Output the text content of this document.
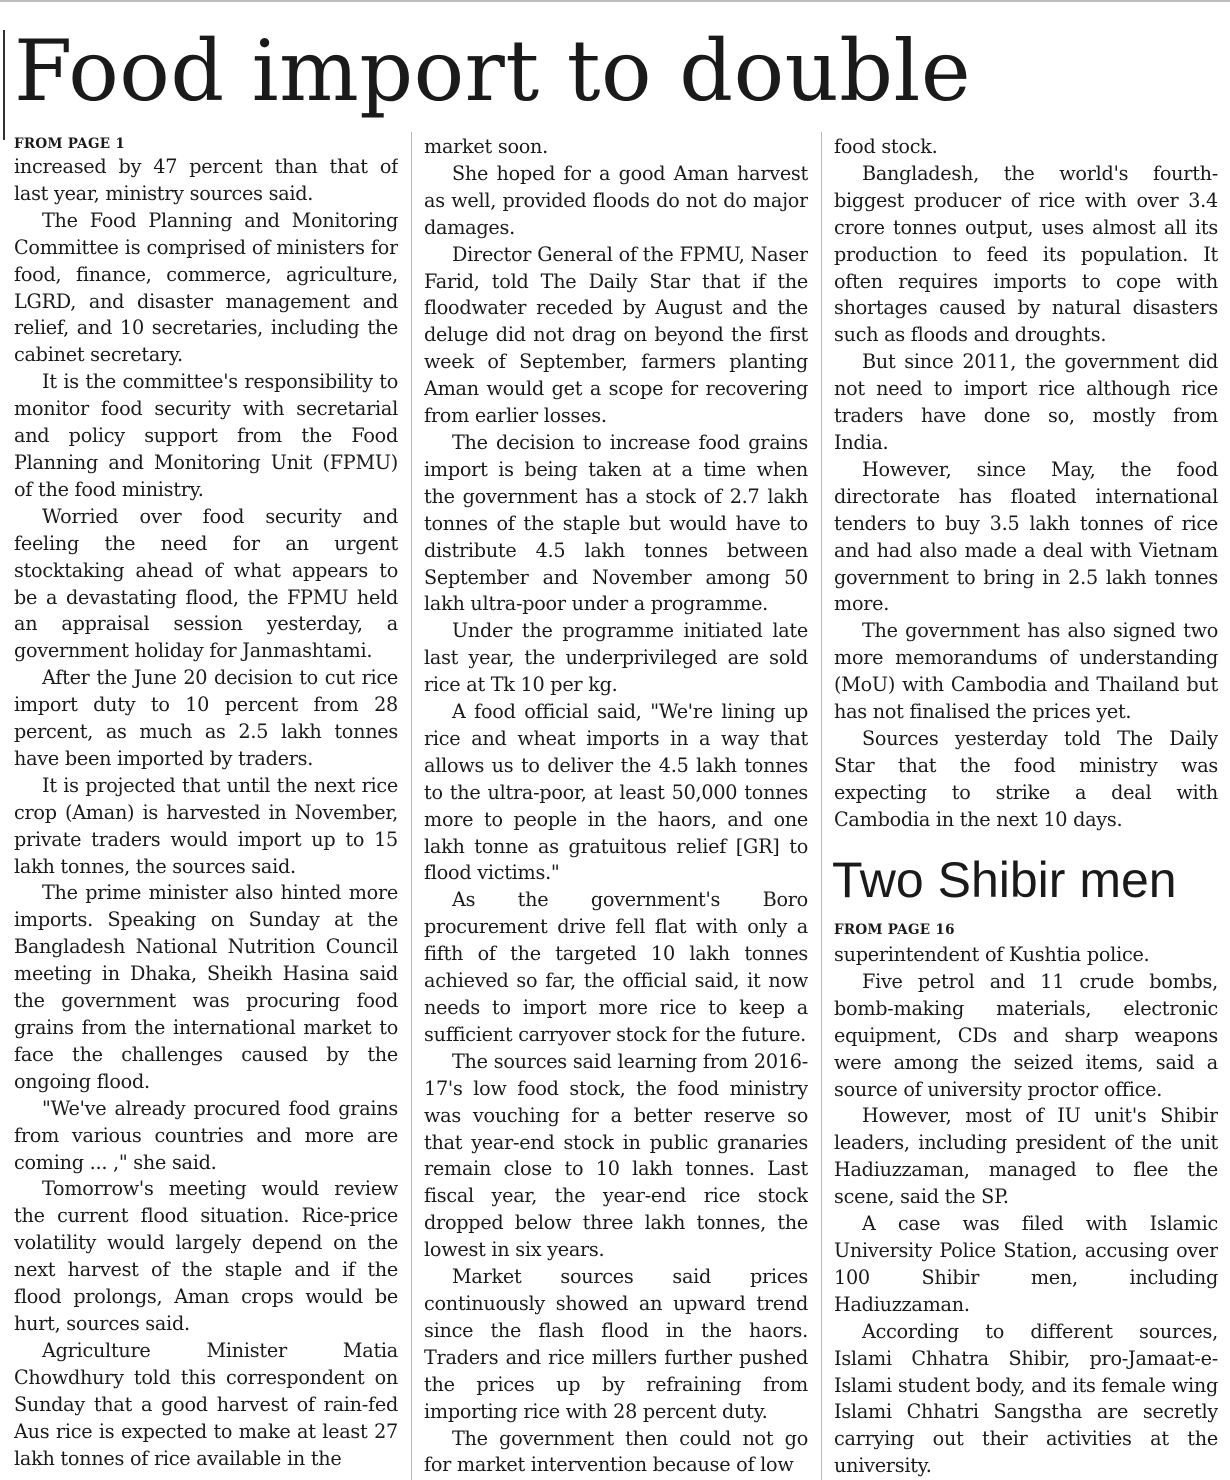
Food import to double

FROM PAGE 1

increased by 47 percent than that of last year, ministry sources said.

The Food Planning and Monitoring Committee is comprised of ministers for food, finance, commerce, agriculture, LGRD, and disaster management and relief, and 10 secretaries, including the cabinet secretary.

It is the committee's responsibility to monitor food security with secretarial and policy support from the Food Planning and Monitoring Unit (FPMU) of the food ministry.

Worried over food security and feeling the need for an urgent stocktaking ahead of what appears to be a devastating flood, the FPMU held an appraisal session yesterday, a government holiday for Janmashtami.

After the June 20 decision to cut rice import duty to 10 percent from 28 percent, as much as 2.5 lakh tonnes have been imported by traders.

It is projected that until the next rice crop (Aman) is harvested in November, private traders would import up to 15 lakh tonnes, the sources said.

The prime minister also hinted more imports. Speaking on Sunday at the Bangladesh National Nutrition Council meeting in Dhaka, Sheikh Hasina said the government was procuring food grains from the international market to face the challenges caused by the ongoing flood.

"We've already procured food grains from various countries and more are coming ... ," she said.

Tomorrow's meeting would review the current flood situation. Rice-price volatility would largely depend on the next harvest of the staple and if the flood prolongs, Aman crops would be hurt, sources said.

Agriculture Minister Matia Chowdhury told this correspondent on Sunday that a good harvest of rain-fed Aus rice is expected to make at least 27 lakh tonnes of rice available in the

market soon.

She hoped for a good Aman harvest as well, provided floods do not do major damages.

Director General of the FPMU, Naser Farid, told The Daily Star that if the floodwater receded by August and the deluge did not drag on beyond the first week of September, farmers planting Aman would get a scope for recovering from earlier losses.

The decision to increase food grains import is being taken at a time when the government has a stock of 2.7 lakh tonnes of the staple but would have to distribute 4.5 lakh tonnes between September and November among 50 lakh ultra-poor under a programme.

Under the programme initiated late last year, the underprivileged are sold rice at Tk 10 per kg.

A food official said, "We're lining up rice and wheat imports in a way that allows us to deliver the 4.5 lakh tonnes to the ultra-poor, at least 50,000 tonnes more to people in the haors, and one lakh tonne as gratuitous relief [GR] to flood victims."

As the government's Boro procurement drive fell flat with only a fifth of the targeted 10 lakh tonnes achieved so far, the official said, it now needs to import more rice to keep a sufficient carryover stock for the future.

The sources said learning from 2016-17's low food stock, the food ministry was vouching for a better reserve so that year-end stock in public granaries remain close to 10 lakh tonnes. Last fiscal year, the year-end rice stock dropped below three lakh tonnes, the lowest in six years.

Market sources said prices continuously showed an upward trend since the flash flood in the haors. Traders and rice millers further pushed the prices up by refraining from importing rice with 28 percent duty.

The government then could not go for market intervention because of low

food stock.

Bangladesh, the world's fourth-biggest producer of rice with over 3.4 crore tonnes output, uses almost all its production to feed its population. It often requires imports to cope with shortages caused by natural disasters such as floods and droughts.

But since 2011, the government did not need to import rice although rice traders have done so, mostly from India.

However, since May, the food directorate has floated international tenders to buy 3.5 lakh tonnes of rice and had also made a deal with Vietnam government to bring in 2.5 lakh tonnes more.

The government has also signed two more memorandums of understanding (MoU) with Cambodia and Thailand but has not finalised the prices yet.

Sources yesterday told The Daily Star that the food ministry was expecting to strike a deal with Cambodia in the next 10 days.

Two Shibir men

FROM PAGE 16

superintendent of Kushtia police.

Five petrol and 11 crude bombs, bomb-making materials, electronic equipment, CDs and sharp weapons were among the seized items, said a source of university proctor office.

However, most of IU unit's Shibir leaders, including president of the unit Hadiuzzaman, managed to flee the scene, said the SP.

A case was filed with Islamic University Police Station, accusing over 100 Shibir men, including Hadiuzzaman.

According to different sources, Islami Chhatra Shibir, pro-Jamaat-e-Islami student body, and its female wing Islami Chhatri Sangstha are secretly carrying out their activities at the university.
